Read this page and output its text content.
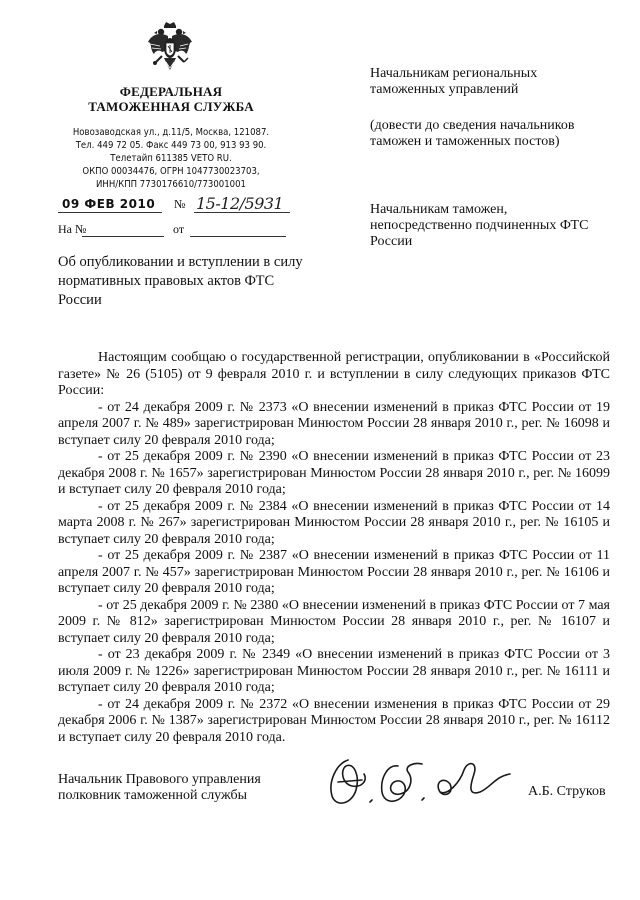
ФЕДЕРАЛЬНАЯ
ТАМОЖЕННАЯ СЛУЖБА
Новозаводская ул., д.11/5, Москва, 121087.
Тел. 449 72 05. Факс 449 73 00, 913 93 90.
Телетайп 611385 VETO RU.
ОКПО 00034476, ОГРН 1047730023703,
ИНН/КПП 7730176610/773001001
09 ФЕВ 2010 № 15-12/5931
На №	от
Об опубликовании и вступлении в силу нормативных правовых актов ФТС России
Начальникам региональных таможенных управлений
(довести до сведения начальников таможен и таможенных постов)
Начальникам таможен, непосредственно подчиненных ФТС России

Настоящим сообщаю о государственной регистрации, опубликовании в «Российской газете» № 26 (5105) от 9 февраля 2010 г. и вступлении в силу следующих приказов ФТС России:

- от 24 декабря 2009 г. № 2373 «О внесении изменений в приказ ФТС России от 19 апреля 2007 г. № 489» зарегистрирован Минюстом России 28 января 2010 г., рег. № 16098 и вступает силу 20 февраля 2010 года;

- от 25 декабря 2009 г. № 2390 «О внесении изменений в приказ ФТС России от 23 декабря 2008 г. № 1657» зарегистрирован Минюстом России 28 января 2010 г., рег. № 16099 и вступает силу 20 февраля 2010 года;

- от 25 декабря 2009 г. № 2384 «О внесении изменений в приказ ФТС России от 14 марта 2008 г. № 267» зарегистрирован Минюстом России 28 января 2010 г., рег. № 16105 и вступает силу 20 февраля 2010 года;

- от 25 декабря 2009 г. № 2387 «О внесении изменений в приказ ФТС России от 11 апреля 2007 г. № 457» зарегистрирован Минюстом России 28 января 2010 г., рег. № 16106 и вступает силу 20 февраля 2010 года;

- от 25 декабря 2009 г. № 2380 «О внесении изменений в приказ ФТС России от 7 мая 2009 г. № 812» зарегистрирован Минюстом России 28 января 2010 г., рег. № 16107 и вступает силу 20 февраля 2010 года;

- от 23 декабря 2009 г. № 2349 «О внесении изменений в приказ ФТС России от 3 июля 2009 г. № 1226» зарегистрирован Минюстом России 28 января 2010 г., рег. № 16111 и вступает силу 20 февраля 2010 года;

- от 24 декабря 2009 г. № 2372 «О внесении изменения в приказ ФТС России от 29 декабря 2006 г. № 1387» зарегистрирован Минюстом России 28 января 2010 г., рег. № 16112 и вступает силу 20 февраля 2010 года.

Начальник Правового управления
полковник таможенной службы	А.Б. Струков
